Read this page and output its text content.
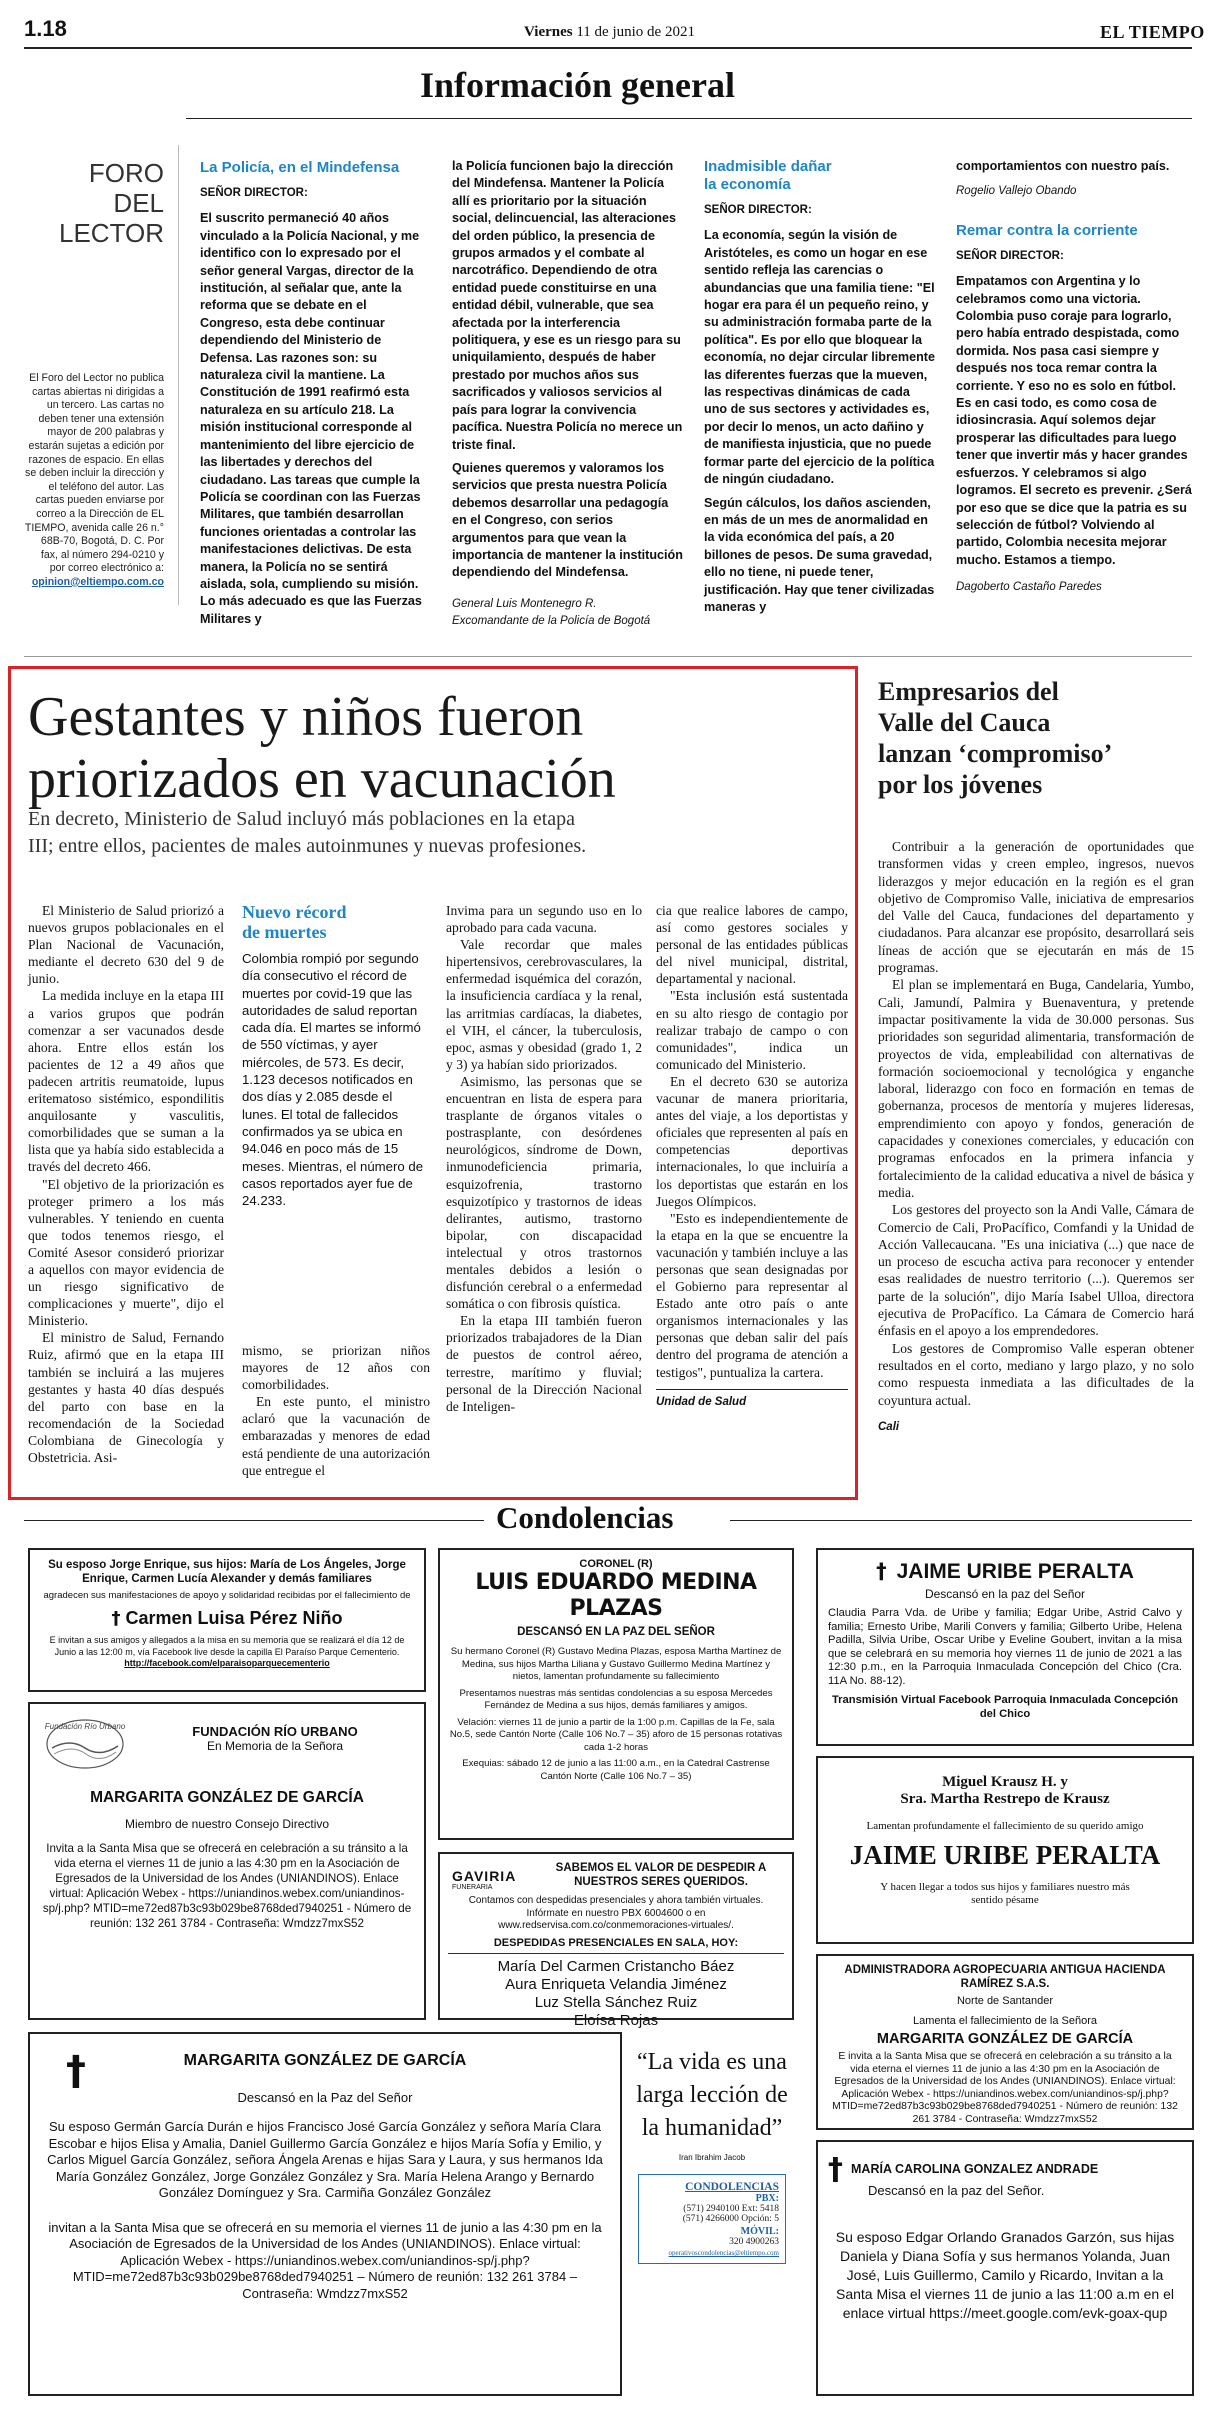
1.18	Viernes 11 de junio de 2021	EL TIEMPO
Información general
FORO DEL
LECTOR
El Foro del Lector no publica cartas abiertas ni dirigidas a un tercero. Las cartas no deben tener una extensión mayor de 200 palabras y estarán sujetas a edición por razones de espacio. En ellas se deben incluir la dirección y el teléfono del autor. Las cartas pueden enviarse por correo a la Dirección de EL TIEMPO, avenida calle 26 n.° 68B-70, Bogotá, D. C. Por fax, al número 294-0210 y por correo electrónico a:
opinion@eltiempo.com.co
La Policía, en el Mindefensa
SEÑOR DIRECTOR:

El suscrito permaneció 40 años vinculado a la Policía Nacional, y me identifico con lo expresado por el señor general Vargas, director de la institución, al señalar que, ante la reforma que se debate en el Congreso, esta debe continuar dependiendo del Ministerio de Defensa. Las razones son: su naturaleza civil la mantiene. La Constitución de 1991 reafirmó esta naturaleza en su artículo 218. La misión institucional corresponde al mantenimiento del libre ejercicio de las libertades y derechos del ciudadano. Las tareas que cumple la Policía se coordinan con las Fuerzas Militares, que también desarrollan funciones orientadas a controlar las manifestaciones delictivas. De esta manera, la Policía no se sentirá aislada, sola, cumpliendo su misión. Lo más adecuado es que las Fuerzas Militares y

la Policía funcionen bajo la dirección del Mindefensa. Mantener la Policía allí es prioritario por la situación social, delincuencial, las alteraciones del orden público, la presencia de grupos armados y el combate al narcotráfico. Dependiendo de otra entidad puede constituirse en una entidad débil, vulnerable, que sea afectada por la interferencia politiquera, y ese es un riesgo para su uniquilamiento, después de haber prestado por muchos años sus sacrificados y valiosos servicios al país para lograr la convivencia pacífica. Nuestra Policía no merece un triste final.

Quienes queremos y valoramos los servicios que presta nuestra Policía debemos desarrollar una pedagogía en el Congreso, con serios argumentos para que vean la importancia de mantener la institución dependiendo del Mindefensa.

General Luis Montenegro R.
Excomandante de la Policía de Bogotá
Inadmisible dañar
la economía
SEÑOR DIRECTOR:

La economía, según la visión de Aristóteles, es como un hogar en ese sentido refleja las carencias o abundancias que una familia tiene: "El hogar era para él un pequeño reino, y su administración formaba parte de la política". Es por ello que bloquear la economía, no dejar circular libremente las diferentes fuerzas que la mueven, las respectivas dinámicas de cada uno de sus sectores y actividades es, por decir lo menos, un acto dañino y de manifiesta injusticia, que no puede formar parte del ejercicio de la política de ningún ciudadano.

Según cálculos, los daños ascienden, en más de un mes de anormalidad en la vida económica del país, a 20 billones de pesos. De suma gravedad, ello no tiene, ni puede tener, justificación. Hay que tener civilizadas maneras y

comportamientos con nuestro país.

Rogelio Vallejo Obando
Remar contra la corriente
SEÑOR DIRECTOR:

Empatamos con Argentina y lo celebramos como una victoria. Colombia puso coraje para lograrlo, pero había entrado despistada, como dormida. Nos pasa casi siempre y después nos toca remar contra la corriente. Y eso no es solo en fútbol. Es en casi todo, es como cosa de idiosincrasia. Aquí solemos dejar prosperar las dificultades para luego tener que invertir más y hacer grandes esfuerzos. Y celebramos si algo logramos. El secreto es prevenir. ¿Será por eso que se dice que la patria es su selección de fútbol? Volviendo al partido, Colombia necesita mejorar mucho. Estamos a tiempo.

Dagoberto Castaño Paredes
Gestantes y niños fueron
priorizados en vacunación
En decreto, Ministerio de Salud incluyó más poblaciones en la etapa
III; entre ellos, pacientes de males autoinmunes y nuevas profesiones.

El Ministerio de Salud priorizó a nuevos grupos poblacionales en el Plan Nacional de Vacunación, mediante el decreto 630 del 9 de junio.

La medida incluye en la etapa III a varios grupos que podrán comenzar a ser vacunados desde ahora. Entre ellos están los pacientes de 12 a 49 años que padecen artritis reumatoide, lupus eritematoso sistémico, espondilitis anquilosante y vasculitis, comorbilidades que se suman a la lista que ya había sido establecida a través del decreto 466.

"El objetivo de la priorización es proteger primero a los más vulnerables. Y teniendo en cuenta que todos tenemos riesgo, el Comité Asesor consideró priorizar a aquellos con mayor evidencia de un riesgo significativo de complicaciones y muerte", dijo el Ministerio.

El ministro de Salud, Fernando Ruiz, afirmó que en la etapa III también se incluirá a las mujeres gestantes y hasta 40 días después del parto con base en la recomendación de la Sociedad Colombiana de Ginecología y Obstetricia. Asi-

Nuevo récord
de muertes
Colombia rompió por segundo día consecutivo el récord de muertes por covid-19 que las autoridades de salud reportan cada día. El martes se informó de 550 víctimas, y ayer miércoles, de 573. Es decir, 1.123 decesos notificados en dos días y 2.085 desde el lunes. El total de fallecidos confirmados ya se ubica en 94.046 en poco más de 15 meses. Mientras, el número de casos reportados ayer fue de 24.233.

mismo, se priorizan niños mayores de 12 años con comorbilidades.

En este punto, el ministro aclaró que la vacunación de embarazadas y menores de edad está pendiente de una autorización que entregue el

Invima para un segundo uso en lo aprobado para cada vacuna.

Vale recordar que males hipertensivos, cerebrovasculares, la enfermedad isquémica del corazón, la insuficiencia cardíaca y la renal, las arritmias cardíacas, la diabetes, el VIH, el cáncer, la tuberculosis, epoc, asmas y obesidad (grado 1, 2 y 3) ya habían sido priorizados.

Asimismo, las personas que se encuentran en lista de espera para trasplante de órganos vitales o postrasplante, con desórdenes neurológicos, síndrome de Down, inmunodeficiencia primaria, esquizofrenia, trastorno esquizotípico y trastornos de ideas delirantes, autismo, trastorno bipolar, con discapacidad intelectual y otros trastornos mentales debidos a lesión o disfunción cerebral o a enfermedad somática o con fibrosis quística.

En la etapa III también fueron priorizados trabajadores de la Dian de puestos de control aéreo, terrestre, marítimo y fluvial; personal de la Dirección Nacional de Inteligen-

cia que realice labores de campo, así como gestores sociales y personal de las entidades públicas del nivel municipal, distrital, departamental y nacional.

"Esta inclusión está sustentada en su alto riesgo de contagio por realizar trabajo de campo o con comunidades", indica un comunicado del Ministerio.

En el decreto 630 se autoriza vacunar de manera prioritaria, antes del viaje, a los deportistas y oficiales que representen al país en competencias deportivas internacionales, lo que incluiría a los deportistas que estarán en los Juegos Olímpicos.

"Esto es independientemente de la etapa en la que se encuentre la vacunación y también incluye a las personas que sean designadas por el Gobierno para representar al Estado ante otro país o ante organismos internacionales y las personas que deban salir del país dentro del programa de atención a testigos", puntualiza la cartera.

Unidad de Salud
Empresarios del
Valle del Cauca
lanzan ‘compromiso’
por los jóvenes

Contribuir a la generación de oportunidades que transformen vidas y creen empleo, ingresos, nuevos liderazgos y mejor educación en la región es el gran objetivo de Compromiso Valle, iniciativa de empresarios del Valle del Cauca, fundaciones del departamento y ciudadanos. Para alcanzar ese propósito, desarrollará seis líneas de acción que se ejecutarán en más de 15 programas.

El plan se implementará en Buga, Candelaria, Yumbo, Cali, Jamundí, Palmira y Buenaventura, y pretende impactar positivamente la vida de 30.000 personas. Sus prioridades son seguridad alimentaria, transformación de proyectos de vida, empleabilidad con alternativas de formación socioemocional y tecnológica y enganche laboral, liderazgo con foco en formación en temas de gobernanza, procesos de mentoría y mujeres lideresas, emprendimiento con apoyo y fondos, generación de capacidades y conexiones comerciales, y educación con programas enfocados en la primera infancia y fortalecimiento de la calidad educativa a nivel de básica y media.

Los gestores del proyecto son la Andi Valle, Cámara de Comercio de Cali, ProPacífico, Comfandi y la Unidad de Acción Vallecaucana. "Es una iniciativa (...) que nace de un proceso de escucha activa para reconocer y entender esas realidades de nuestro territorio (...). Queremos ser parte de la solución", dijo María Isabel Ulloa, directora ejecutiva de ProPacífico. La Cámara de Comercio hará énfasis en el apoyo a los emprendedores.

Los gestores de Compromiso Valle esperan obtener resultados en el corto, mediano y largo plazo, y no solo como respuesta inmediata a las dificultades de la coyuntura actual.

Cali
Condolencias
Su esposo Jorge Enrique, sus hijos: María de Los Ángeles, Jorge Enrique, Carmen Lucía Alexander y demás familiares
agradecen sus manifestaciones de apoyo y solidaridad recibidas por el fallecimiento de
† Carmen Luisa Pérez Niño
E invitan a sus amigos y allegados a la misa en su memoria que se realizará el día 12 de Junio a las 12:00 m, vía Facebook live desde la capilla El Paraíso Parque Cementerio.
http://facebook.com/elparaisoparquecementerio
CORONEL (R)
LUIS EDUARDO MEDINA PLAZAS
DESCANSÓ EN LA PAZ DEL SEÑOR
Su hermano Coronel (R) Gustavo Medina Plazas, esposa Martha Martínez de Medina, sus hijos Martha Liliana y Gustavo Guillermo Medina Martínez y nietos, lamentan profundamente su fallecimiento
Presentamos nuestras más sentidas condolencias a su esposa Mercedes Fernández de Medina a sus hijos, demás familiares y amigos.
Velación: viernes 11 de junio a partir de la 1:00 p.m. Capillas de la Fe, sala No.5, sede Cantón Norte (Calle 106 No.7 – 35) aforo de 15 personas rotativas cada 1-2 horas
Exequias: sábado 12 de junio a las 11:00 a.m., en la Catedral Castrense Cantón Norte (Calle 106 No.7 – 35)
† JAIME URIBE PERALTA
Descansó en la paz del Señor
Claudia Parra Vda. de Uribe y familia; Edgar Uribe, Astrid Calvo y familia; Ernesto Uribe, Marili Convers y familia; Gilberto Uribe, Helena Padilla, Silvia Uribe, Oscar Uribe y Eveline Goubert, invitan a la misa que se celebrará en su memoria hoy viernes 11 de junio de 2021 a las 12:30 p.m., en la Parroquia Inmaculada Concepción del Chico (Cra. 11A No. 88-12).
Transmisión Virtual Facebook Parroquia Inmaculada Concepción del Chico
Fundación Río Urbano	FUNDACIÓN RÍO URBANO
En Memoria de la Señora
MARGARITA GONZÁLEZ DE GARCÍA
Miembro de nuestro Consejo Directivo
Invita a la Santa Misa que se ofrecerá en celebración a su tránsito a la vida eterna el viernes 11 de junio a las 4:30 pm en la Asociación de Egresados de la Universidad de los Andes (UNIANDINOS). Enlace virtual: Aplicación Webex - https://uniandinos.webex.com/uniandinos-sp/j.php? MTID=me72ed87b3c93b029be8768ded7940251 - Número de reunión: 132 261 3784 - Contraseña: Wmdzz7mxS52
Miguel Krausz H. y
Sra. Martha Restrepo de Krausz
Lamentan profundamente el fallecimiento de su querido amigo
JAIME URIBE PERALTA
Y hacen llegar a todos sus hijos y familiares nuestro más sentido pésame
GAVIRIA
FUNERARIA
SABEMOS EL VALOR DE DESPEDIR A NUESTROS SERES QUERIDOS.
Contamos con despedidas presenciales y ahora también virtuales. Infórmate en nuestro PBX 6004600 o en www.redservisa.com.co/conmemoraciones-virtuales/.
DESPEDIDAS PRESENCIALES EN SALA, HOY:
María Del Carmen Cristancho Báez
Aura Enriqueta Velandia Jiménez
Luz Stella Sánchez Ruiz
Eloísa Rojas
ADMINISTRADORA AGROPECUARIA ANTIGUA HACIENDA RAMÍREZ S.A.S.
Norte de Santander
Lamenta el fallecimiento de la Señora
MARGARITA GONZÁLEZ DE GARCÍA
E invita a la Santa Misa que se ofrecerá en celebración a su tránsito a la vida eterna el viernes 11 de junio a las 4:30 pm en la Asociación de Egresados de la Universidad de los Andes (UNIANDINOS). Enlace virtual: Aplicación Webex - https://uniandinos.webex.com/uniandinos-sp/j.php? MTID=me72ed87b3c93b029be8768ded7940251 - Número de reunión: 132 261 3784 - Contraseña: Wmdzz7mxS52
†	MARGARITA GONZÁLEZ DE GARCÍA
Descansó en la Paz del Señor
Su esposo Germán García Durán e hijos Francisco José García González y señora María Clara Escobar e hijos Elisa y Amalia, Daniel Guillermo García González e hijos María Sofía y Emilio, y Carlos Miguel García González, señora Ángela Arenas e hijas Sara y Laura, y sus hermanos Ida María González González, Jorge González González y Sra. María Helena Arango y Bernardo González Domínguez y Sra. Carmiña González González
invitan a la Santa Misa que se ofrecerá en su memoria el viernes 11 de junio a las 4:30 pm en la Asociación de Egresados de la Universidad de los Andes (UNIANDINOS). Enlace virtual: Aplicación Webex - https://uniandinos.webex.com/uniandinos-sp/j.php? MTID=me72ed87b3c93b029be8768ded7940251 – Número de reunión: 132 261 3784 – Contraseña: Wmdzz7mxS52
“La vida es una larga lección de la humanidad”
Iran Ibrahim Jacob
CONDOLENCIAS
PBX:
(571) 2940100 Ext: 5418
(571) 4266000 Opción: 5
MÓVIL:
320 4900263
operativoscondolencias@eltiempo.com
† MARÍA CAROLINA GONZALEZ ANDRADE
Descansó en la paz del Señor.
Su esposo Edgar Orlando Granados Garzón, sus hijas Daniela y Diana Sofía y sus hermanos Yolanda, Juan José, Luis Guillermo, Camilo y Ricardo, Invitan a la Santa Misa el viernes 11 de junio a las 11:00 a.m en el enlace virtual https://meet.google.com/evk-goax-qup
